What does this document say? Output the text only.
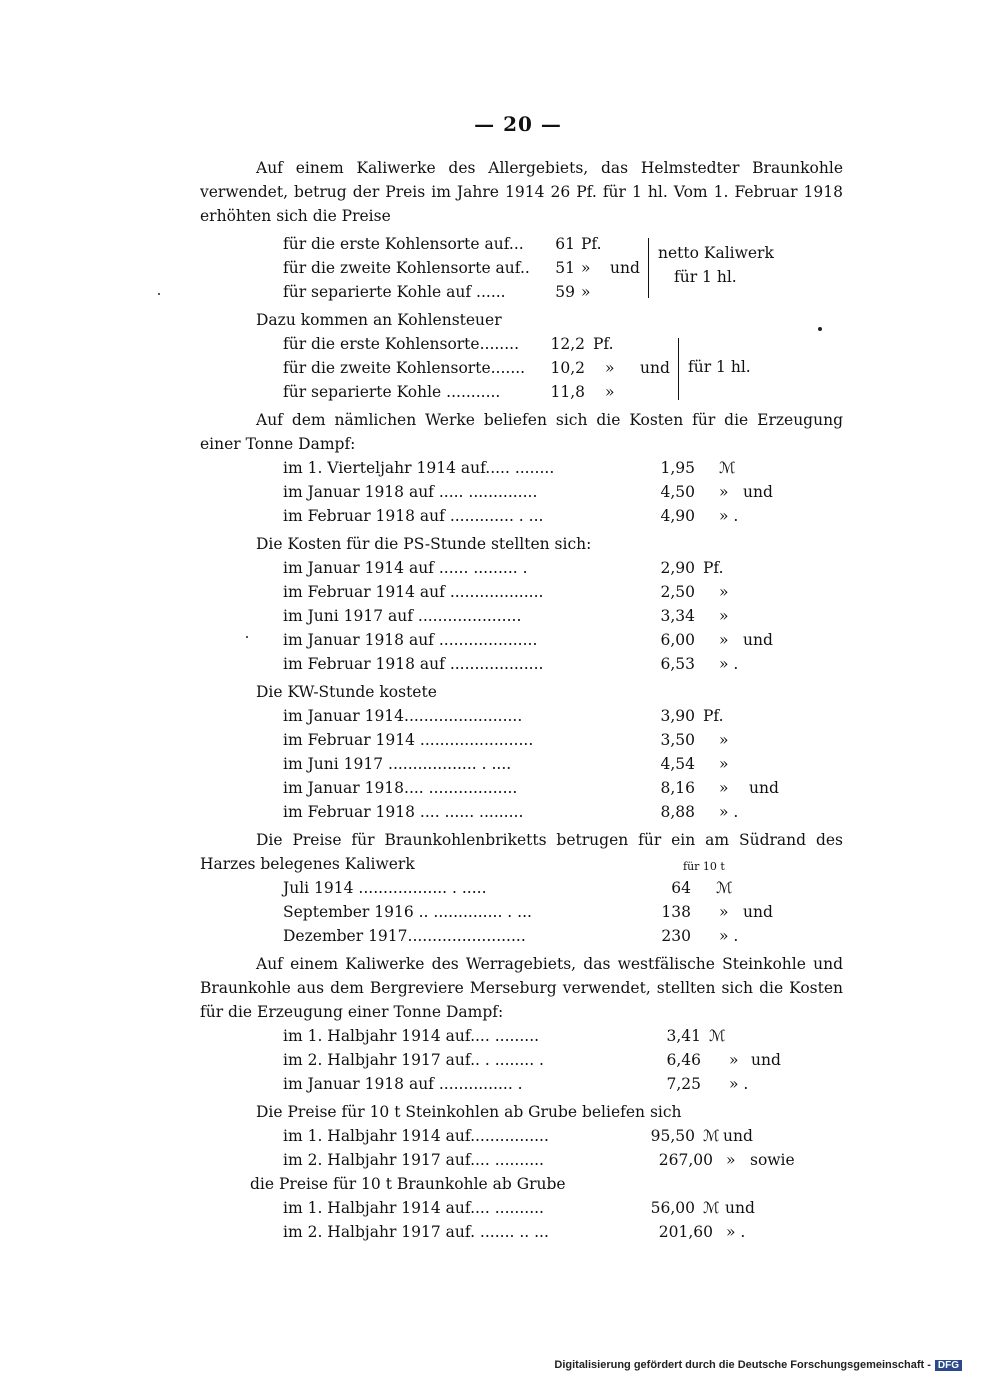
— 20 —
Auf einem Kaliwerke des Allergebiets, das Helmstedter Braunkohle verwendet, betrug der Preis im Jahre 1914 26 Pf. für 1 hl. Vom 1. Februar 1918 erhöhten sich die Preise
für die erste Kohlensorte auf...	61 Pf.
für die zweite Kohlensorte auf..	51 » und
für separierte Kohle auf ......	59 »
netto Kaliwerk
für 1 hl.
Dazu kommen an Kohlensteuer
für die erste Kohlensorte........	12,2 Pf.
für die zweite Kohlensorte.......	10,2 » und
für separierte Kohle ...........	11,8 »
für 1 hl.
Auf dem nämlichen Werke beliefen sich die Kosten für die Erzeugung einer Tonne Dampf:
im 1. Vierteljahr 1914 auf..... ........	1,95 ℳ
im Januar 1918 auf ..... ..............	4,50 » und
im Februar 1918 auf ............. . ...	4,90 » .
Die Kosten für die PS-Stunde stellten sich:
im Januar 1914 auf ...... ......... .	2,90 Pf.
im Februar 1914 auf ...................	2,50 »
im Juni 1917 auf .....................	3,34 »
im Januar 1918 auf ....................	6,00 » und
im Februar 1918 auf ...................	6,53 » .
Die KW-Stunde kostete
im Januar 1914........................	3,90 Pf.
im Februar 1914 .......................	3,50 »
im Juni 1917 .................. . ....	4,54 »
im Januar 1918.... ..................	8,16 » und
im Februar 1918 .... ...... .........	8,88 » .
Die Preise für Braunkohlenbriketts betrugen für ein am Südrand des Harzes belegenes Kaliwerk	für 10 t
Juli 1914 .................. . .....	64 ℳ
September 1916 .. .............. . ...	138 » und
Dezember 1917........................	230 » .
Auf einem Kaliwerke des Werragebiets, das westfälische Steinkohle und Braunkohle aus dem Bergreviere Merseburg verwendet, stellten sich die Kosten für die Erzeugung einer Tonne Dampf:
im 1. Halbjahr 1914 auf.... .........	3,41 ℳ
im 2. Halbjahr 1917 auf.. . ........ .	6,46 » und
im Januar 1918 auf ............... .	7,25 » .
Die Preise für 10 t Steinkohlen ab Grube beliefen sich
im 1. Halbjahr 1914 auf................	95,50 ℳ und
im 2. Halbjahr 1917 auf.... ..........	267,00 » sowie
die Preise für 10 t Braunkohle ab Grube
im 1. Halbjahr 1914 auf.... ..........	56,00 ℳ und
im 2. Halbjahr 1917 auf. ....... .. ...	201,60 » .
Digitalisierung gefördert durch die Deutsche Forschungsgemeinschaft - DFG
